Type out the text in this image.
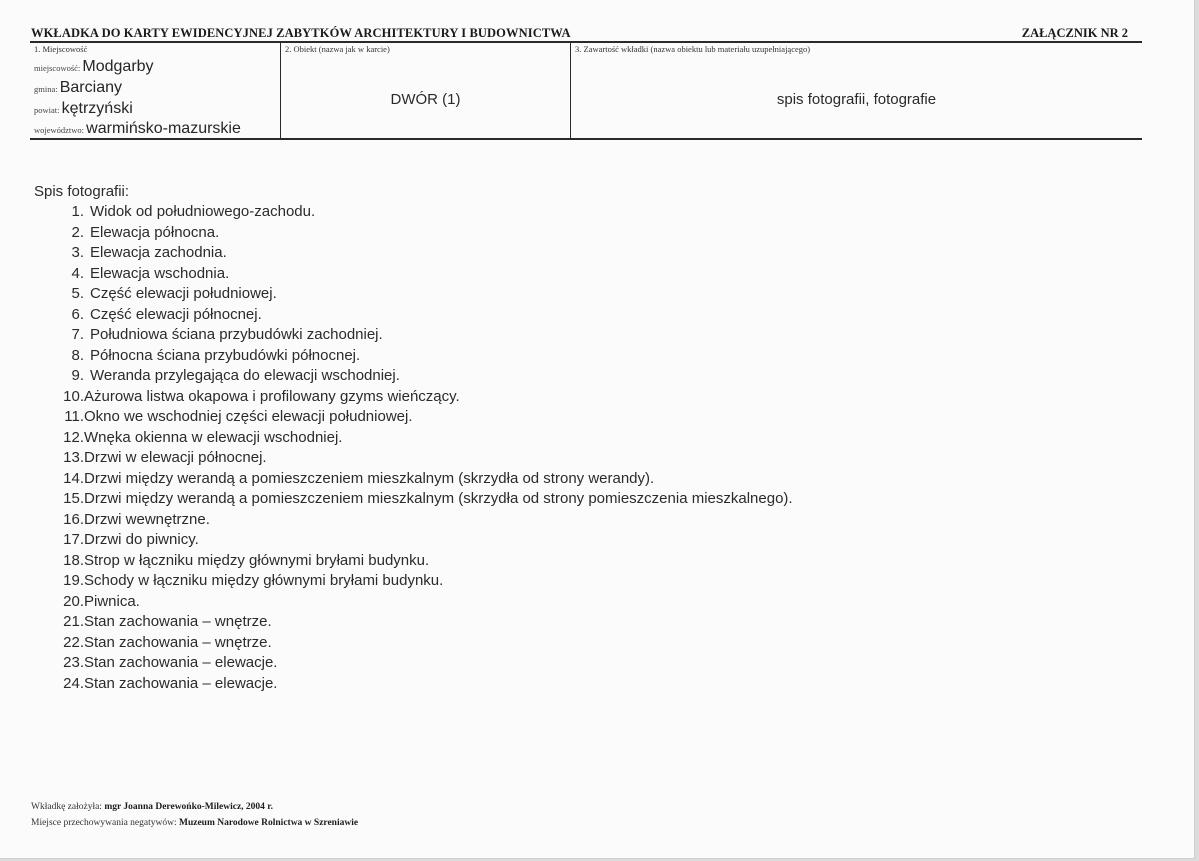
WKŁADKA DO KARTY EWIDENCYJNEJ ZABYTKÓW ARCHITEKTURY I BUDOWNICTWA	ZAŁĄCZNIK NR 2
1. Miejscowość
miejscowość: Modgarby
gmina: Barciany
powiat: kętrzyński
województwo: warmińsko-mazurskie
2. Obiekt (nazwa jak w karcie)
DWÓR (1)
3. Zawartość wkładki (nazwa obiektu lub materiału uzupełniającego)
spis fotografii, fotografie
Spis fotografii:
1. Widok od południowego-zachodu.
2. Elewacja północna.
3. Elewacja zachodnia.
4. Elewacja wschodnia.
5. Część elewacji południowej.
6. Część elewacji północnej.
7. Południowa ściana przybudówki zachodniej.
8. Północna ściana przybudówki północnej.
9. Weranda przylegająca do elewacji wschodniej.
10.Ażurowa listwa okapowa i profilowany gzyms wieńczący.
11.Okno we wschodniej części elewacji południowej.
12.Wnęka okienna w elewacji wschodniej.
13.Drzwi w elewacji północnej.
14.Drzwi między werandą a pomieszczeniem mieszkalnym (skrzydła od strony werandy).
15.Drzwi między werandą a pomieszczeniem mieszkalnym (skrzydła od strony pomieszczenia mieszkalnego).
16.Drzwi wewnętrzne.
17.Drzwi do piwnicy.
18.Strop w łączniku między głównymi bryłami budynku.
19.Schody w łączniku między głównymi bryłami budynku.
20.Piwnica.
21.Stan zachowania – wnętrze.
22.Stan zachowania – wnętrze.
23.Stan zachowania – elewacje.
24.Stan zachowania – elewacje.
Wkładkę założyła: mgr Joanna Derewońko-Milewicz, 2004 r.
Miejsce przechowywania negatywów: Muzeum Narodowe Rolnictwa w Szreniawie
